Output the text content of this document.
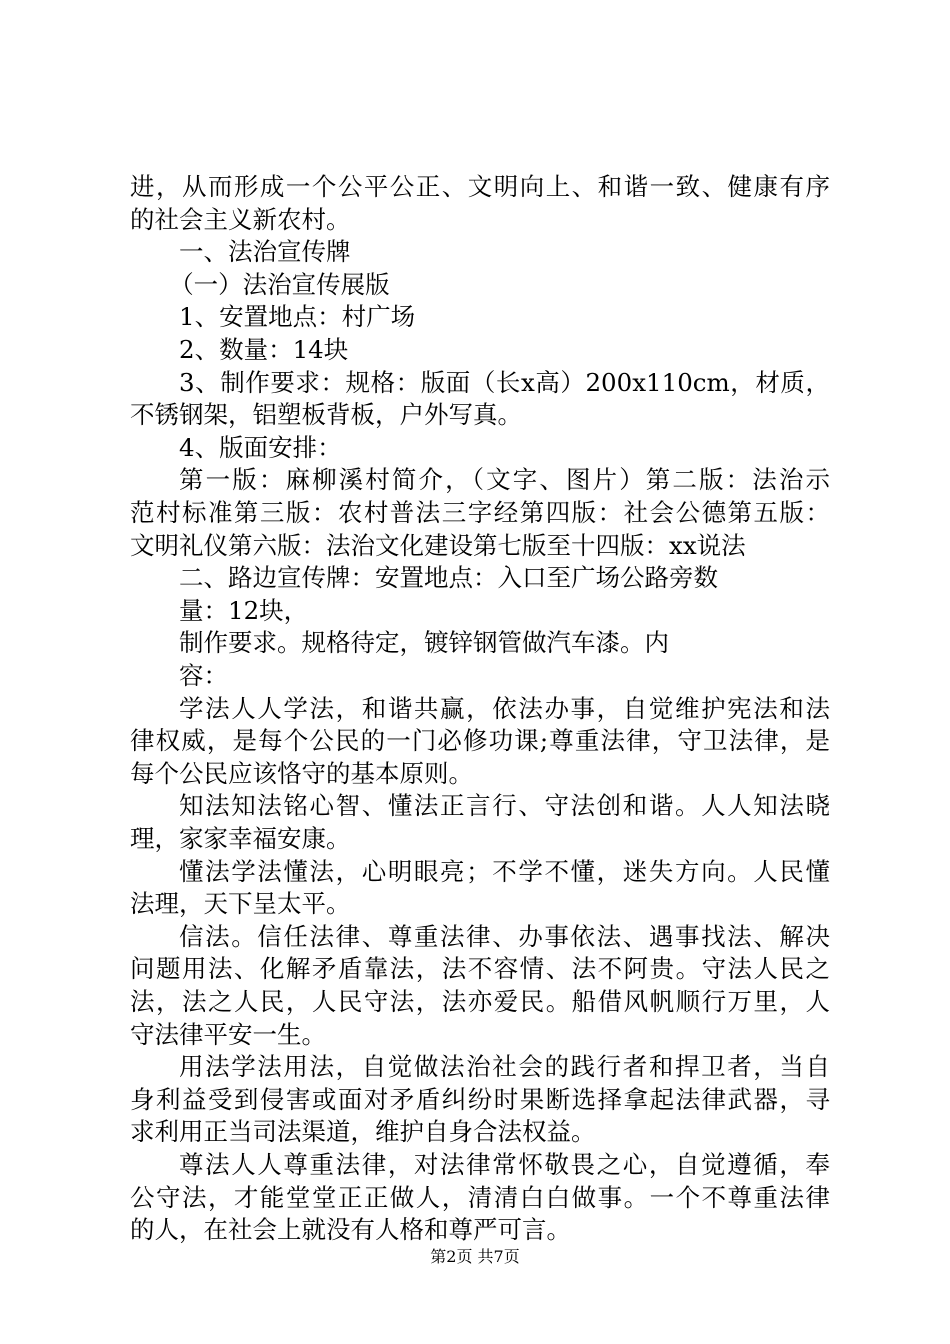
进，从而形成一个公平公正、文明向上、和谐一致、健康有序
的社会主义新农村。
一、法治宣传牌
（一）法治宣传展版
1、安置地点：村广场
2、数量：14块
3、制作要求：规格：版面（长x高）200x110cm，材质，
不锈钢架，铝塑板背板，户外写真。
4、版面安排：
第一版：麻柳溪村简介，（文字、图片）第二版：法治示
范村标准第三版：农村普法三字经第四版：社会公德第五版：
文明礼仪第六版：法治文化建设第七版至十四版：xx说法
二、路边宣传牌：安置地点：入口至广场公路旁数
量：12块，
制作要求。规格待定，镀锌钢管做汽车漆。内
容：
学法人人学法，和谐共赢，依法办事，自觉维护宪法和法
律权威，是每个公民的一门必修功课;尊重法律，守卫法律，是
每个公民应该恪守的基本原则。
知法知法铭心智、懂法正言行、守法创和谐。人人知法晓
理，家家幸福安康。
懂法学法懂法，心明眼亮；不学不懂，迷失方向。人民懂
法理，天下呈太平。
信法。信任法律、尊重法律、办事依法、遇事找法、解决
问题用法、化解矛盾靠法，法不容情、法不阿贵。守法人民之
法，法之人民，人民守法，法亦爱民。船借风帆顺行万里，人
守法律平安一生。
用法学法用法，自觉做法治社会的践行者和捍卫者，当自
身利益受到侵害或面对矛盾纠纷时果断选择拿起法律武器，寻
求利用正当司法渠道，维护自身合法权益。
尊法人人尊重法律，对法律常怀敬畏之心，自觉遵循，奉
公守法，才能堂堂正正做人，清清白白做事。一个不尊重法律
的人，在社会上就没有人格和尊严可言。
第2页 共7页
